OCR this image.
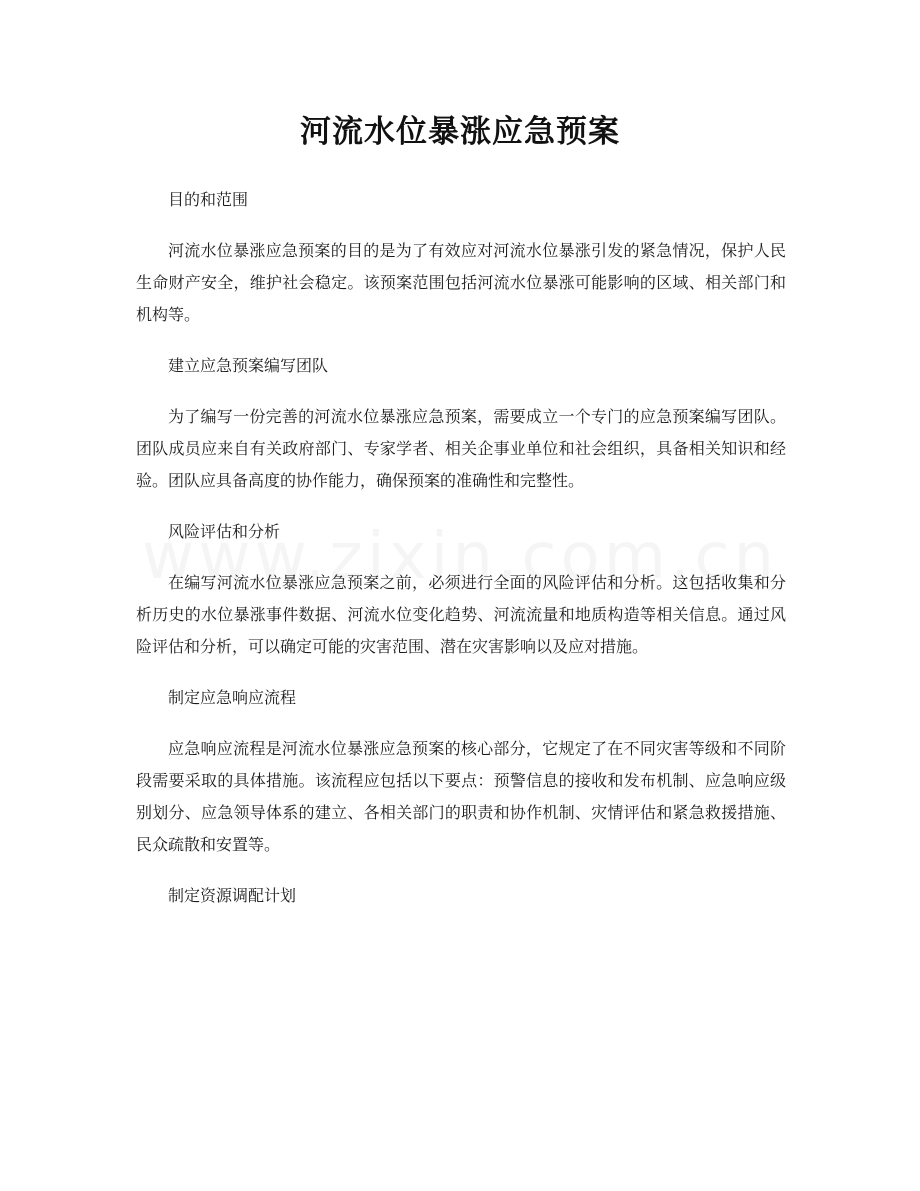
河流水位暴涨应急预案

目的和范围

河流水位暴涨应急预案的目的是为了有效应对河流水位暴涨引发的紧急情况，保护人民生命财产安全，维护社会稳定。该预案范围包括河流水位暴涨可能影响的区域、相关部门和机构等。

建立应急预案编写团队

为了编写一份完善的河流水位暴涨应急预案，需要成立一个专门的应急预案编写团队。团队成员应来自有关政府部门、专家学者、相关企事业单位和社会组织，具备相关知识和经验。团队应具备高度的协作能力，确保预案的准确性和完整性。

风险评估和分析

在编写河流水位暴涨应急预案之前，必须进行全面的风险评估和分析。这包括收集和分析历史的水位暴涨事件数据、河流水位变化趋势、河流流量和地质构造等相关信息。通过风险评估和分析，可以确定可能的灾害范围、潜在灾害影响以及应对措施。

制定应急响应流程

应急响应流程是河流水位暴涨应急预案的核心部分，它规定了在不同灾害等级和不同阶段需要采取的具体措施。该流程应包括以下要点：预警信息的接收和发布机制、应急响应级别划分、应急领导体系的建立、各相关部门的职责和协作机制、灾情评估和紧急救援措施、民众疏散和安置等。

制定资源调配计划
